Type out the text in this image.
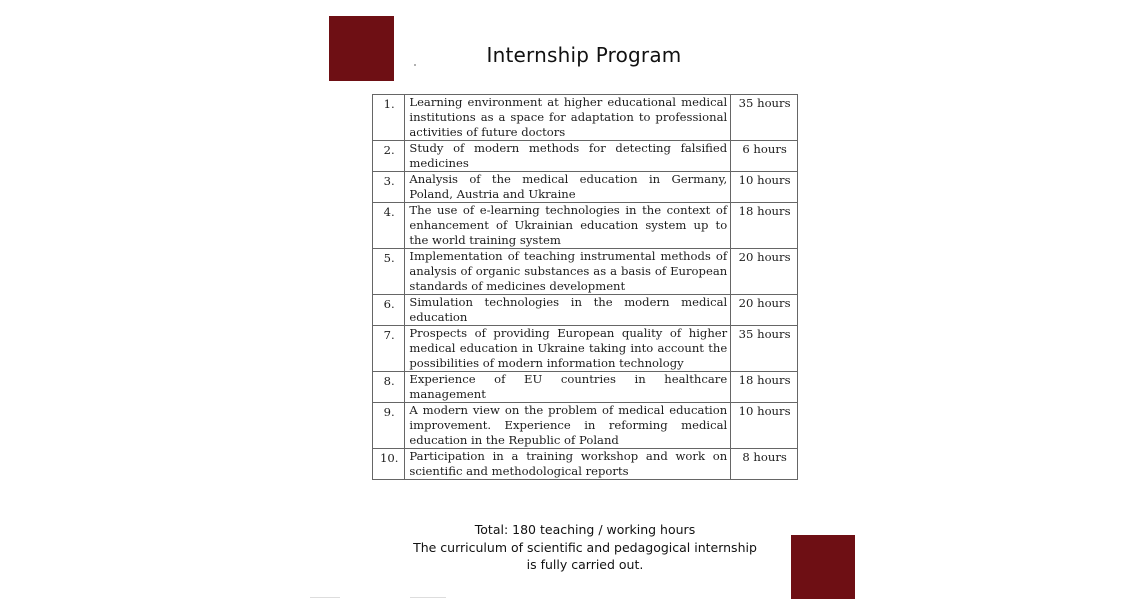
Internship Program
1.	Learning environment at higher educational medical institutions as a space for adaptation to professional activities of future doctors	35 hours
2.	Study of modern methods for detecting falsified medicines	6 hours
3.	Analysis of the medical education in Germany, Poland, Austria and Ukraine	10 hours
4.	The use of e-learning technologies in the context of enhancement of Ukrainian education system up to the world training system	18 hours
5.	Implementation of teaching instrumental methods of analysis of organic substances as a basis of European standards of medicines development	20 hours
6.	Simulation technologies in the modern medical education	20 hours
7.	Prospects of providing European quality of higher medical education in Ukraine taking into account the possibilities of modern information technology	35 hours
8.	Experience of EU countries in healthcare management	18 hours
9.	A modern view on the problem of medical education improvement. Experience in reforming medical education in the Republic of Poland	10 hours
10.	Participation in a training workshop and work on scientific and methodological reports	8 hours
Total: 180 teaching / working hours
The curriculum of scientific and pedagogical internship
is fully carried out.
